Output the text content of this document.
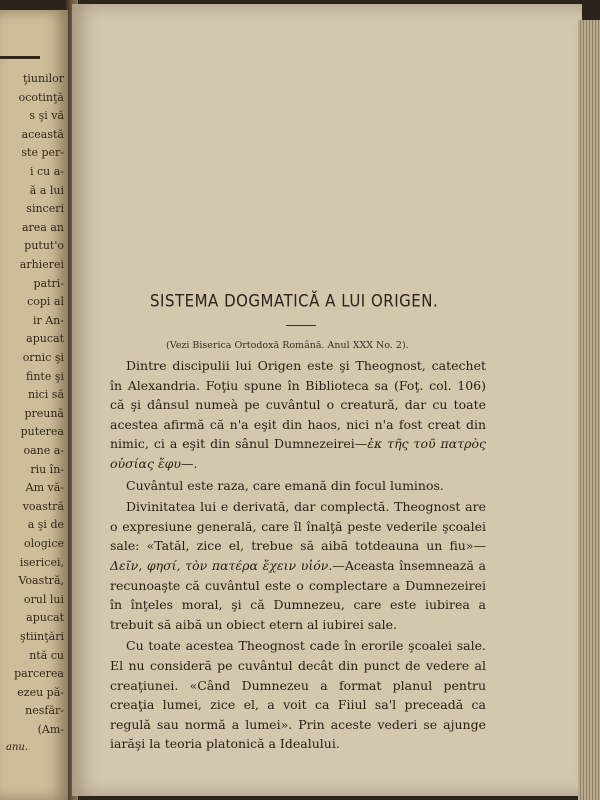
ţiunilor
ocotinţă
s şi vă
această
ste per-
i cu a-
ă a lui
sinceri
area an
putut'o
arhierei
patri-
copi al
ir An-
apucat
ornic şi
finte şi
nici să
preună
puterea
oane a-
riu în-
Am vă-
voastră
a şi de
ologice
isericei,
Voastră,
orul lui
apucat
ştiinţări
ntă cu
parcerea
ezeu pă-
nesfăr-
(Am-
anu.
SISTEMA DOGMATICĂ A LUI ORIGEN.
(Vezi Biserica Ortodoxă Română. Anul XXX No. 2).

Dintre discipulii lui Origen este şi Theognost, catechet în Alexandria. Foţiu spune în Biblioteca sa (Foţ. col. 106) că şi dânsul numeà pe cuvântul o creatură, dar cu toate acestea afirmă că n'a eşit din haos, nici n'a fost creat din nimic, ci a eşit din sânul Dumnezeirei—ἐκ τῆς τοῦ πατρὸς οὐσίας ἔφυ—.

Cuvântul este raza, care emană din focul luminos.

Divinitatea lui e derivată, dar complectă. Theognost are o expresiune generală, care îl înalţă peste vederile şcoalei sale: «Tatăl, zice el, trebue să aibă totdeauna un fiu»—Δεῖν, φησί, τὸν πατέρα ἔχειν υἱόν.—Aceasta însemnează a recunoaşte că cuvântul este o complectare a Dumnezeirei în înţeles moral, şi că Dumnezeu, care este iubirea a trebuit să aibă un obiect etern al iubirei sale.

Cu toate acestea Theognost cade în erorile şcoalei sale. El nu consideră pe cuvântul decât din punct de vedere al creaţiunei. «Când Dumnezeu a format planul pentru creaţia lumei, zice el, a voit ca Fiiul sa'l preceadă ca regulă sau normă a lumei». Prin aceste vederi se ajunge iarăşi la teoria platonică a Idealului.
